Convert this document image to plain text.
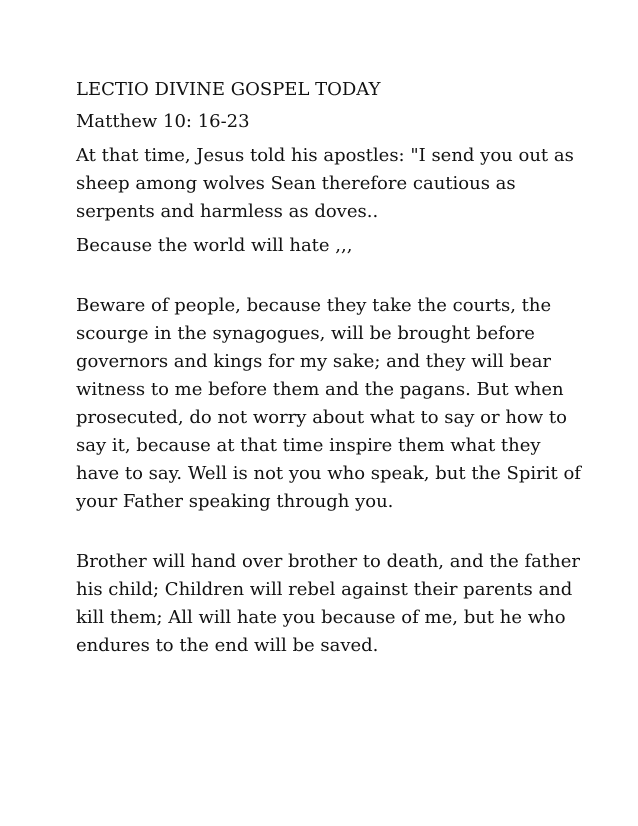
LECTIO DIVINE GOSPEL TODAY

Matthew 10: 16-23

At that time, Jesus told his apostles: "I send you out as sheep among wolves Sean therefore cautious as serpents and harmless as doves..

Because the world will hate ,,,

Beware of people, because they take the courts, the scourge in the synagogues, will be brought before governors and kings for my sake; and they will bear witness to me before them and the pagans. But when prosecuted, do not worry about what to say or how to say it, because at that time inspire them what they have to say. Well is not you who speak, but the Spirit of your Father speaking through you.

Brother will hand over brother to death, and the father his child; Children will rebel against their parents and kill them; All will hate you because of me, but he who endures to the end will be saved.
